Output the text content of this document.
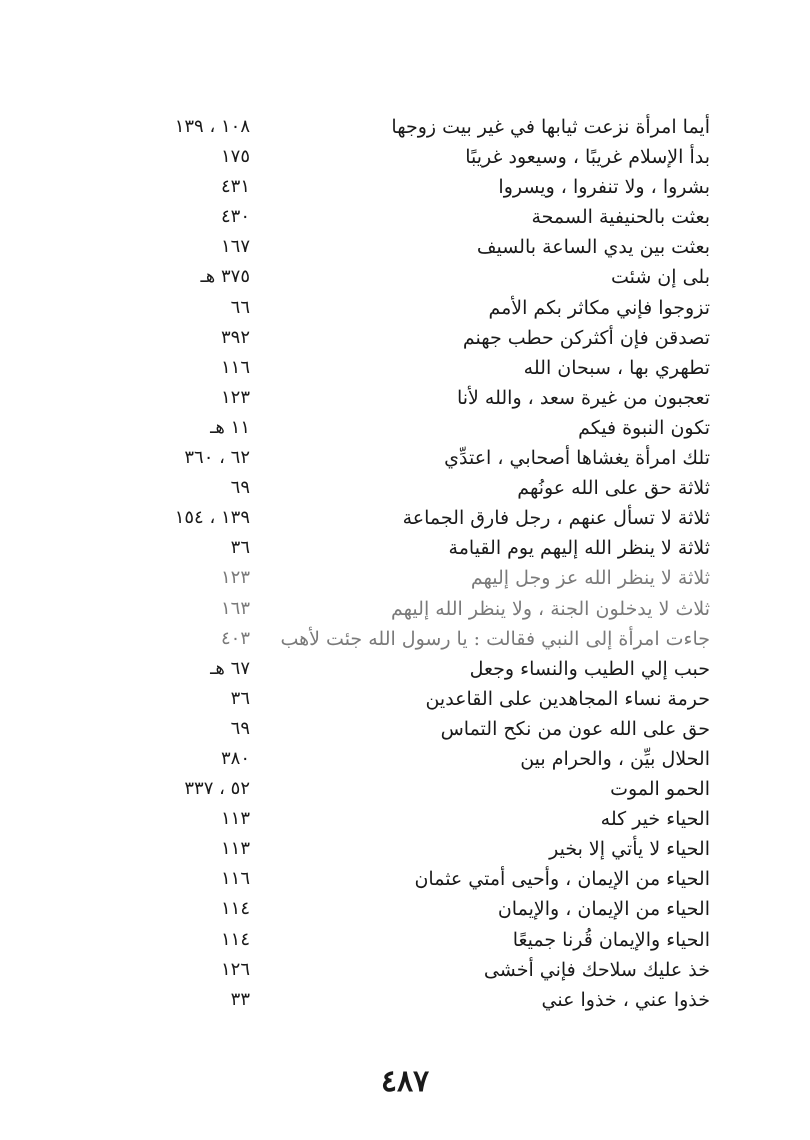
أيما امرأة نزعت ثيابها في غير بيت زوجها
١٠٨ ، ١٣٩
بدأ الإسلام غريبًا ، وسيعود غريبًا
١٧٥
بشروا ، ولا تنفروا ، ويسروا
٤٣١
بعثت بالحنيفية السمحة
٤٣٠
بعثت بين يدي الساعة بالسيف
١٦٧
بلى إن شئت
٣٧٥ هـ
تزوجوا فإني مكاثر بكم الأمم
٦٦
تصدقن فإن أكثركن حطب جهنم
٣٩٢
تطهري بها ، سبحان الله
١١٦
تعجبون من غيرة سعد ، والله لأنا
١٢٣
تكون النبوة فيكم
١١ هـ
تلك امرأة يغشاها أصحابي ، اعتدِّي
٦٢ ، ٣٦٠
ثلاثة حق على الله عونُهم
٦٩
ثلاثة لا تسأل عنهم ، رجل فارق الجماعة
١٣٩ ، ١٥٤
ثلاثة لا ينظر الله إليهم يوم القيامة
٣٦
ثلاثة لا ينظر الله عز وجل إليهم
١٢٣
ثلاث لا يدخلون الجنة ، ولا ينظر الله إليهم
١٦٣
جاءت امرأة إلى النبي فقالت : يا رسول الله جئت لأهب
٤٠٣
حبب إلي الطيب والنساء وجعل
٦٧ هـ
حرمة نساء المجاهدين على القاعدين
٣٦
حق على الله عون من نكح التماس
٦٩
الحلال بيِّن ، والحرام بين
٣٨٠
الحمو الموت
٥٢ ، ٣٣٧
الحياء خير كله
١١٣
الحياء لا يأتي إلا بخير
١١٣
الحياء من الإيمان ، وأحيى أمتي عثمان
١١٦
الحياء من الإيمان ، والإيمان
١١٤
الحياء والإيمان قُرنا جميعًا
١١٤
خذ عليك سلاحك فإني أخشى
١٢٦
خذوا عني ، خذوا عني
٣٣
٤٨٧
